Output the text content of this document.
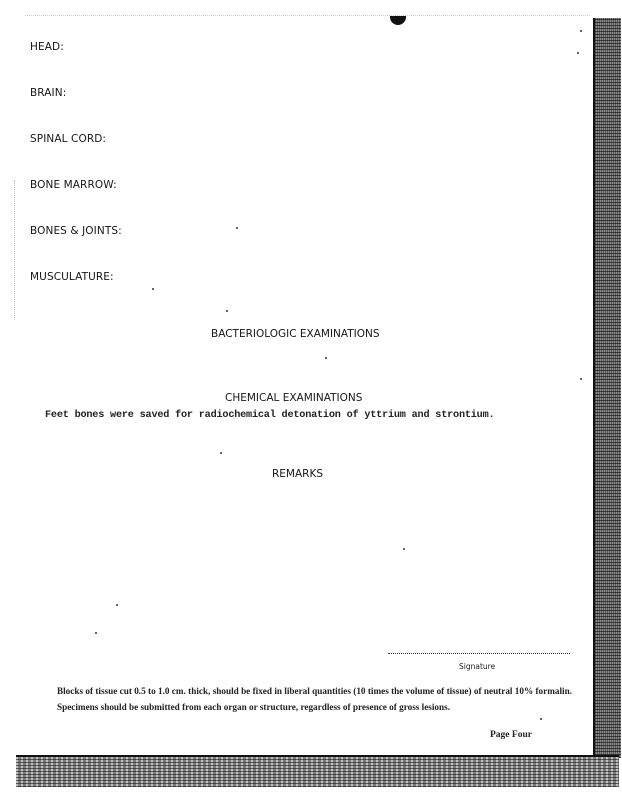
HEAD:
BRAIN:
SPINAL CORD:
BONE MARROW:
BONES & JOINTS:
MUSCULATURE:
BACTERIOLOGIC EXAMINATIONS
CHEMICAL EXAMINATIONS
Feet bones were saved for radiochemical detonation of yttrium and strontium.
REMARKS
Signature
Blocks of tissue cut 0.5 to 1.0 cm. thick, should be fixed in liberal quantities (10 times the volume of tissue) of neutral 10% formalin. Specimens should be submitted from each organ or structure, regardless of presence of gross lesions.
Page Four
